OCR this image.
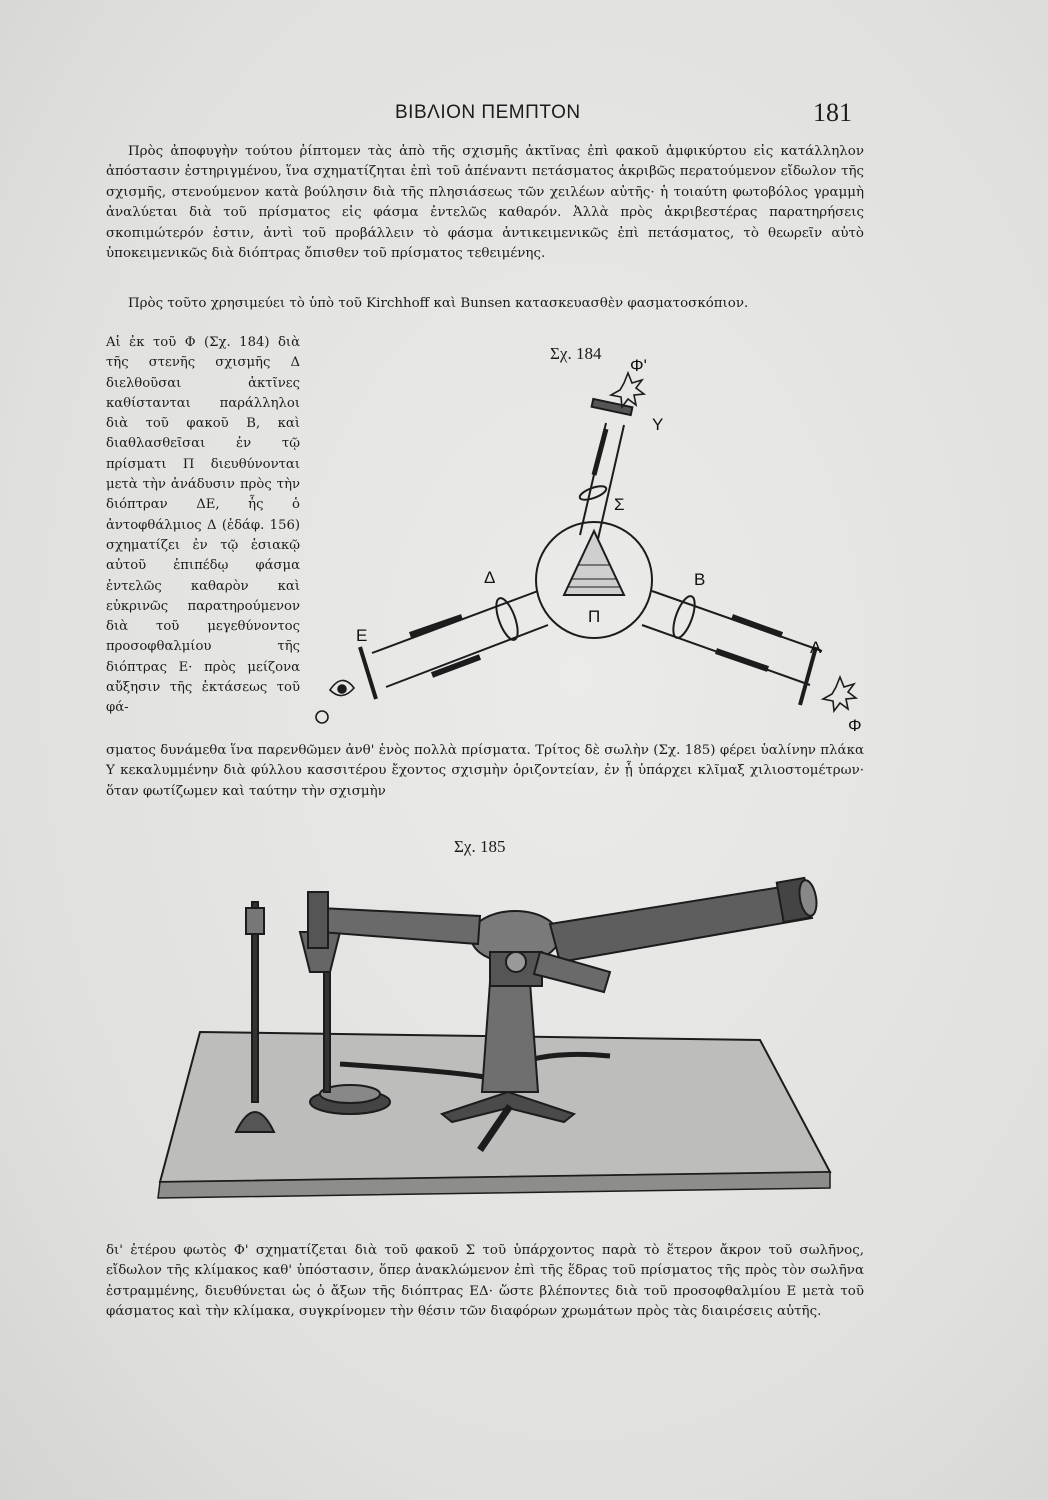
ΒΙΒΛΙΟΝ ΠΕΜΠΤΟΝ	181

Πρὸς ἀποφυγὴν τούτου ῥίπτομεν τὰς ἀπὸ τῆς σχισμῆς ἀκτῖνας ἐπὶ φακοῦ ἀμφικύρτου εἰς κατάλληλον ἀπόστασιν ἐστηριγμένου, ἵνα σχηματίζηται ἐπὶ τοῦ ἀπέναντι πετάσματος ἀκριβῶς περατούμενον εἴδωλον τῆς σχισμῆς, στενούμενον κατὰ βούλησιν διὰ τῆς πλησιάσεως τῶν χειλέων αὐτῆς· ἡ τοιαύτη φωτοβόλος γραμμὴ ἀναλύεται διὰ τοῦ πρίσματος εἰς φάσμα ἐντελῶς καθαρόν. Ἀλλὰ πρὸς ἀκριβεστέρας παρατηρήσεις σκοπιμώτερόν ἐστιν, ἀντὶ τοῦ προβάλλειν τὸ φάσμα ἀντικειμενικῶς ἐπὶ πετάσματος, τὸ θεωρεῖν αὐτὸ ὑποκειμενικῶς διὰ διόπτρας ὄπισθεν τοῦ πρίσματος τεθειμένης.

Πρὸς τοῦτο χρησιμεύει τὸ ὑπὸ τοῦ Kirchhoff καὶ Bunsen κατασκευασθὲν φασματοσκόπιον.

Αἱ ἐκ τοῦ Φ (Σχ. 184) διὰ τῆς στενῆς σχισμῆς Δ διελθοῦσαι ἀκτῖνες καθίστανται παράλληλοι διὰ τοῦ φακοῦ Β, καὶ διαθλασθεῖσαι ἐν τῷ πρίσματι Π διευθύνονται μετὰ τὴν ἀνάδυσιν πρὸς τὴν διόπτραν ΔΕ, ἧς ὁ ἀντοφθάλμιος Δ (ἐδάφ. 156) σχηματίζει ἐν τῷ ἑσιακῷ αὐτοῦ ἐπιπέδῳ φάσμα ἐντελῶς καθαρὸν καὶ εὐκρινῶς παρατηρούμενον διὰ τοῦ μεγεθύνοντος προσοφθαλμίου τῆς διόπτρας Ε· πρὸς μείζονα αὔξησιν τῆς ἐκτάσεως τοῦ φά-

Σχ. 184
Φ'
Υ
Σ
Π
Δ
Ε
Β
Α
Φ

σματος δυνάμεθα ἵνα παρενθῶμεν ἀνθ' ἑνὸς πολλὰ πρίσματα. Τρίτος δὲ σωλὴν (Σχ. 185) φέρει ὑαλίνην πλάκα Υ κεκαλυμμένην διὰ φύλλου κασσιτέρου ἔχοντος σχισμὴν ὁριζοντείαν, ἐν ᾗ ὑπάρχει κλῖμαξ χιλιοστομέτρων· ὅταν φωτίζωμεν καὶ ταύτην τὴν σχισμὴν

Σχ. 185

δι' ἑτέρου φωτὸς Φ' σχηματίζεται διὰ τοῦ φακοῦ Σ τοῦ ὑπάρχοντος παρὰ τὸ ἕτερον ἄκρον τοῦ σωλῆνος, εἴδωλον τῆς κλίμακος καθ' ὑπόστασιν, ὅπερ ἀνακλώμενον ἐπὶ τῆς ἕδρας τοῦ πρίσματος τῆς πρὸς τὸν σωλῆνα ἐστραμμένης, διευθύνεται ὡς ὁ ἄξων τῆς διόπτρας ΕΔ· ὥστε βλέποντες διὰ τοῦ προσοφθαλμίου Ε μετὰ τοῦ φάσματος καὶ τὴν κλίμακα, συγκρίνομεν τὴν θέσιν τῶν διαφόρων χρωμάτων πρὸς τὰς διαιρέσεις αὐτῆς.
